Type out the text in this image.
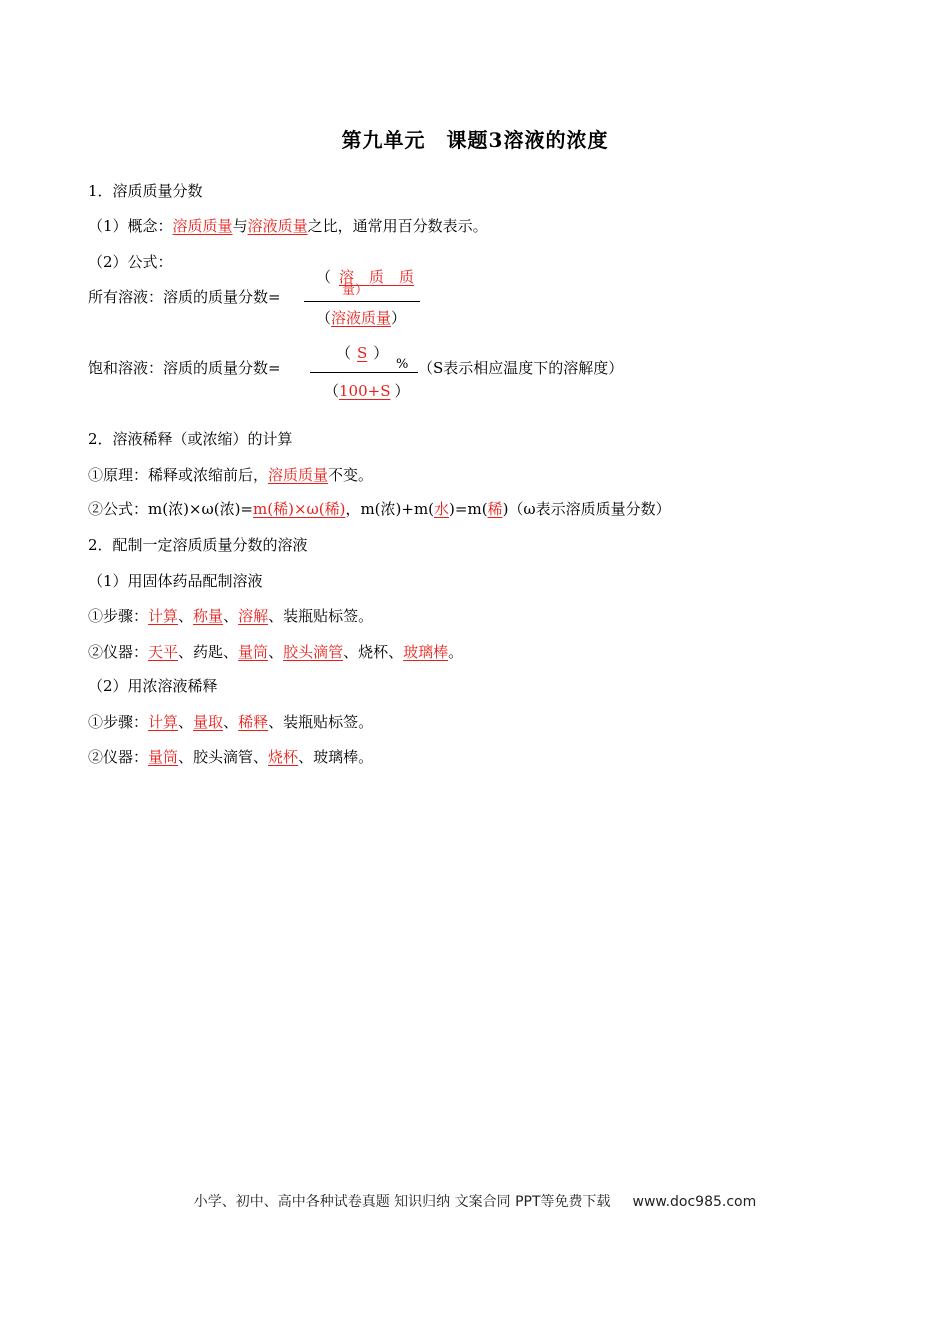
第九单元　课题3溶液的浓度
1．溶质质量分数
（1）概念：溶质质量与溶液质量之比，通常用百分数表示。
（2）公式：
所有溶液：溶质的质量分数=
（ 溶　质　质
量）
（溶液质量）
饱和溶液：溶质的质量分数=
（ S ）
% （S表示相应温度下的溶解度）
（100+S ）
2．溶液稀释（或浓缩）的计算
①原理：稀释或浓缩前后，溶质质量不变。
②公式：m(浓)×ω(浓)=m(稀)×ω(稀)，m(浓)+m(水)=m(稀)（ω表示溶质质量分数）
2．配制一定溶质质量分数的溶液
（1）用固体药品配制溶液
①步骤：计算、称量、溶解、装瓶贴标签。
②仪器：天平、药匙、量筒、胶头滴管、烧杯、玻璃棒。
（2）用浓溶液稀释
①步骤：计算、量取、稀释、装瓶贴标签。
②仪器：量筒、胶头滴管、烧杯、玻璃棒。
小学、初中、高中各种试卷真题 知识归纳 文案合同 PPT等免费下载 www.doc985.com
